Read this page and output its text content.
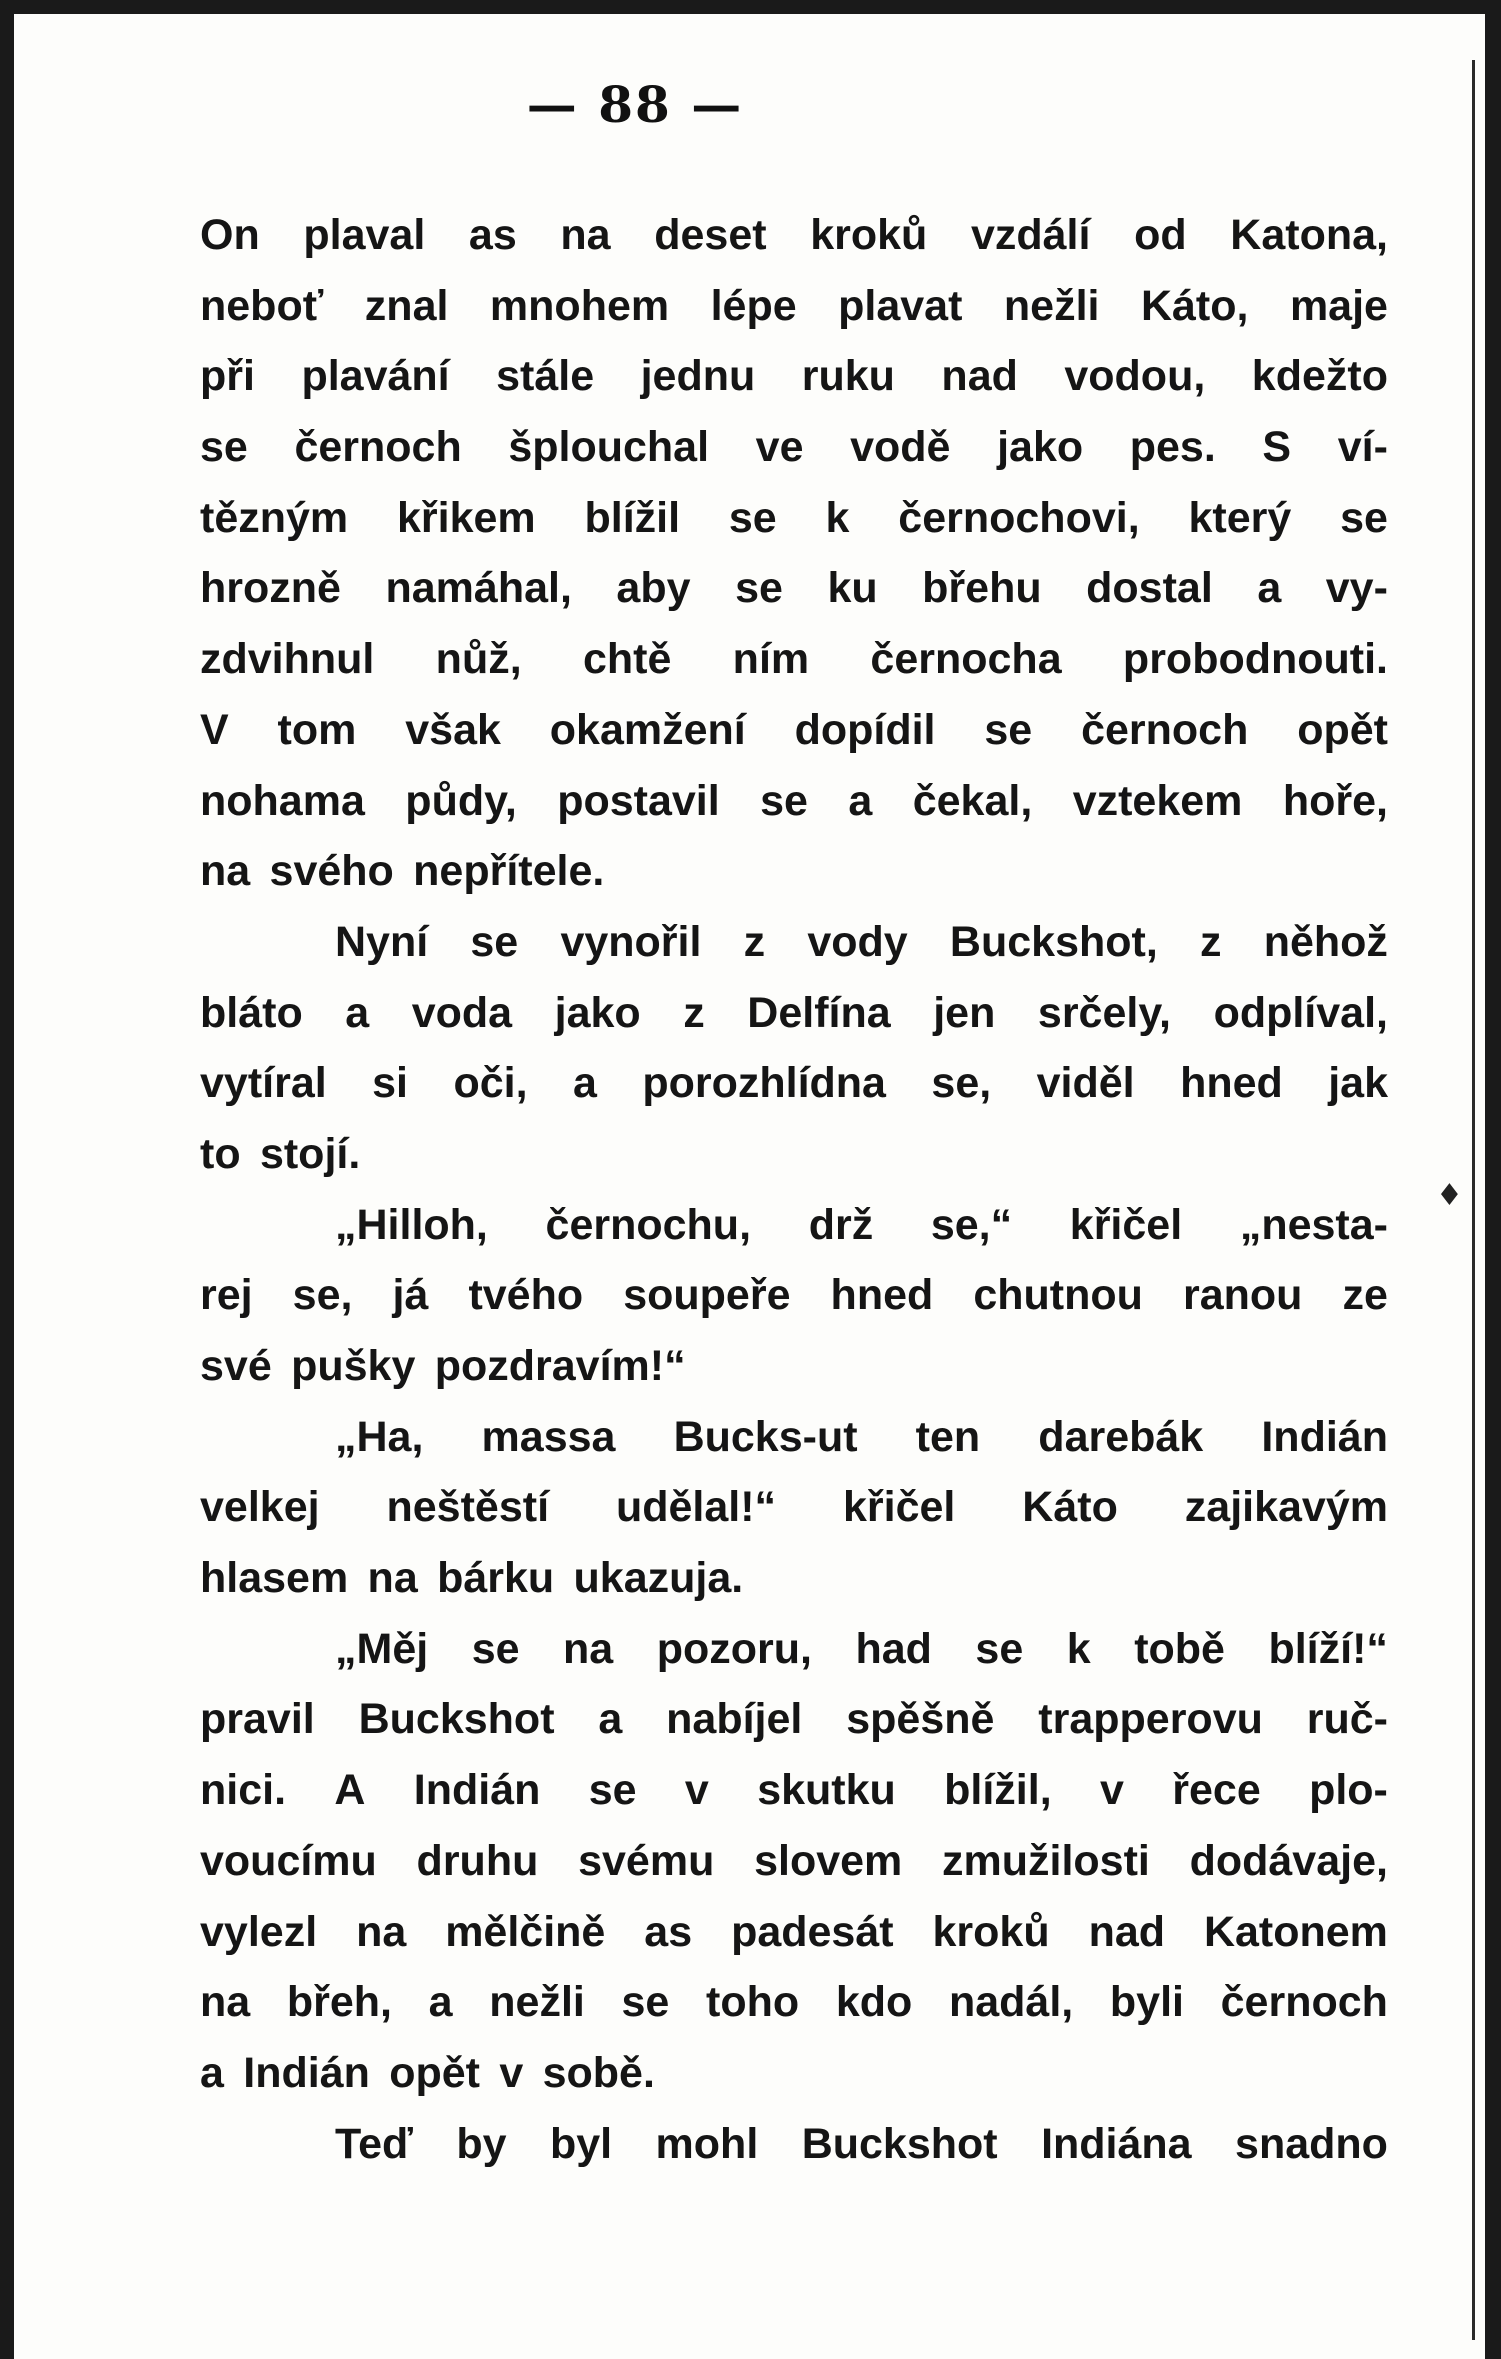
— 88 —
On plaval as na deset kroků vzdálí od Katona,
neboť znal mnohem lépe plavat nežli Káto, maje
při plavání stále jednu ruku nad vodou, kdežto
se černoch šplouchal ve vodě jako pes. S ví-
tězným křikem blížil se k černochovi, který se
hrozně namáhal, aby se ku břehu dostal a vy-
zdvihnul nůž, chtě ním černocha probodnouti.
V tom však okamžení dopídil se černoch opět
nohama půdy, postavil se a čekal, vztekem hoře,
na svého nepřítele.
Nyní se vynořil z vody Buckshot, z něhož
bláto a voda jako z Delfína jen srčely, odplíval,
vytíral si oči, a porozhlídna se, viděl hned jak
to stojí.
„Hilloh, černochu, drž se,“ křičel „nesta-
rej se, já tvého soupeře hned chutnou ranou ze
své pušky pozdravím!“
„Ha, massa Bucks-ut ten darebák Indián
velkej neštěstí udělal!“ křičel Káto zajikavým
hlasem na bárku ukazuja.
„Měj se na pozoru, had se k tobě blíží!“
pravil Buckshot a nabíjel spěšně trapperovu ruč-
nici. A Indián se v skutku blížil, v řece plo-
voucímu druhu svému slovem zmužilosti dodávaje,
vylezl na mělčině as padesát kroků nad Katonem
na břeh, a nežli se toho kdo nadál, byli černoch
a Indián opět v sobě.
Teď by byl mohl Buckshot Indiána snadno
♦
